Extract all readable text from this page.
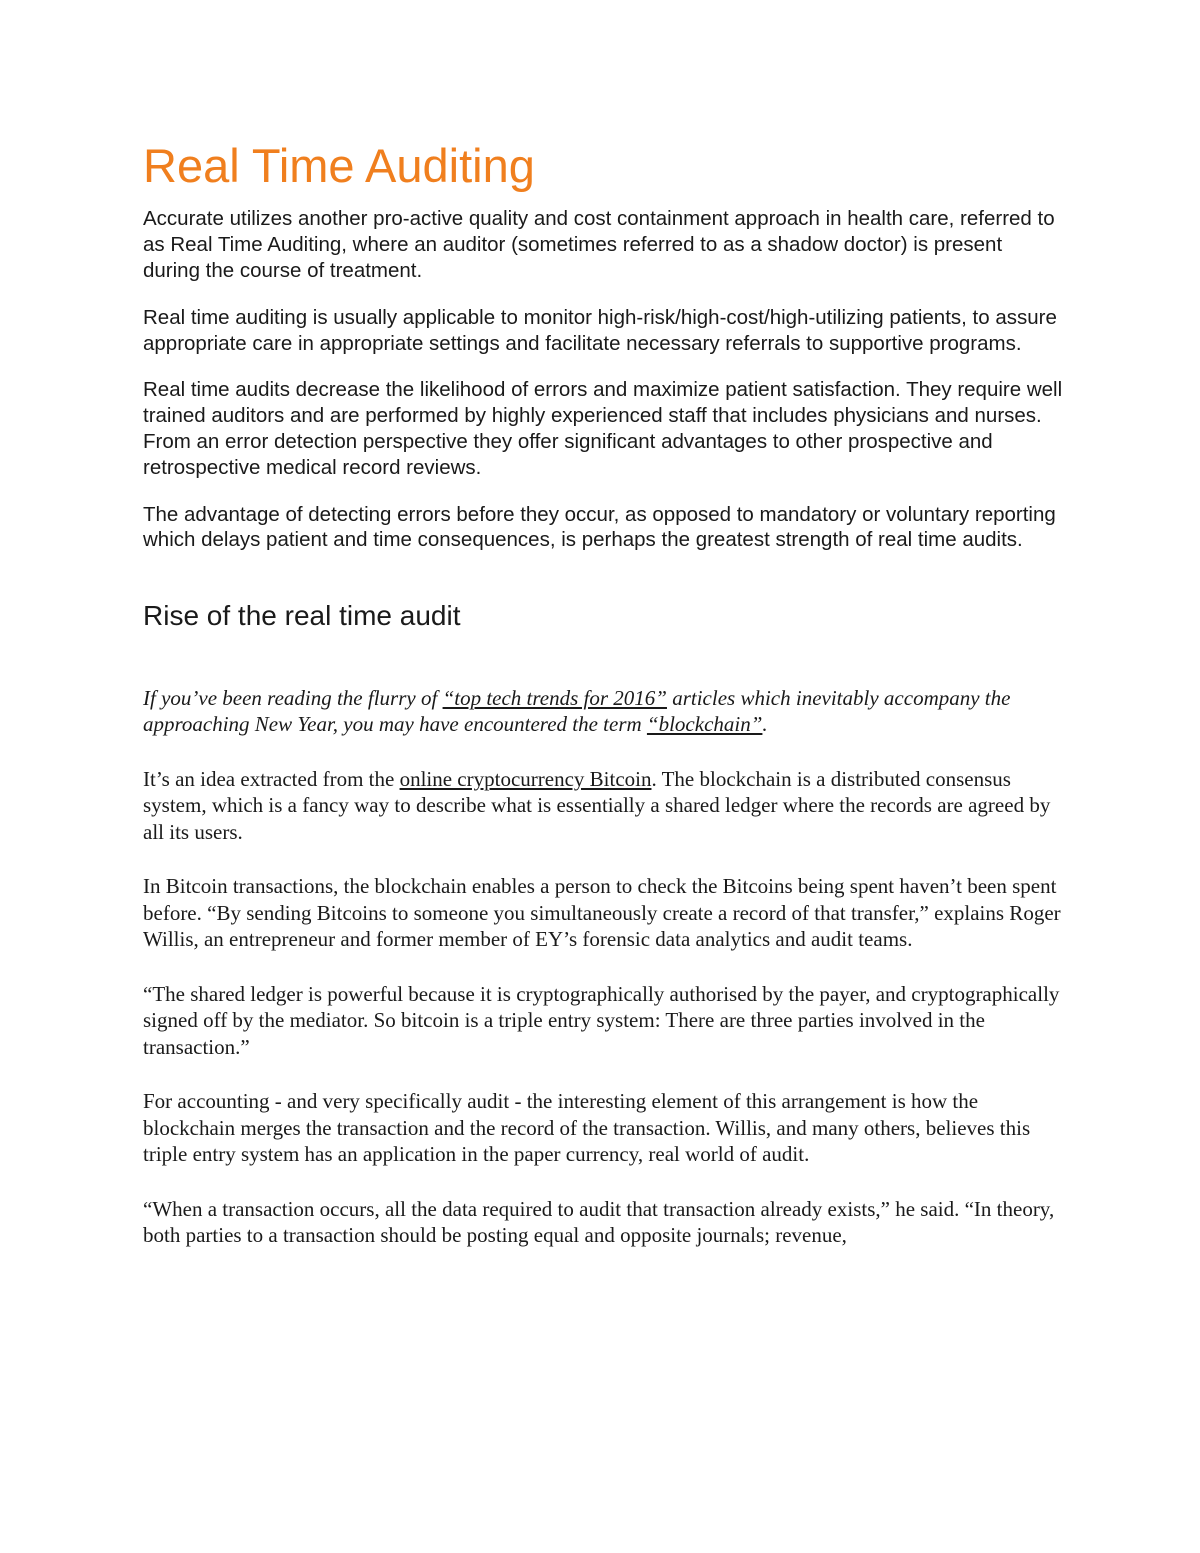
Real Time Auditing

Accurate utilizes another pro-active quality and cost containment approach in health care, referred to as Real Time Auditing, where an auditor (sometimes referred to as a shadow doctor) is present during the course of treatment.

Real time auditing is usually applicable to monitor high-risk/high-cost/high-utilizing patients, to assure appropriate care in appropriate settings and facilitate necessary referrals to supportive programs.

Real time audits decrease the likelihood of errors and maximize patient satisfaction. They require well trained auditors and are performed by highly experienced staff that includes physicians and nurses. From an error detection perspective they offer significant advantages to other prospective and retrospective medical record reviews.

The advantage of detecting errors before they occur, as opposed to mandatory or voluntary reporting which delays patient and time consequences, is perhaps the greatest strength of real time audits.

Rise of the real time audit

If you’ve been reading the flurry of “top tech trends for 2016” articles which inevitably accompany the approaching New Year, you may have encountered the term “blockchain”.

It’s an idea extracted from the online cryptocurrency Bitcoin. The blockchain is a distributed consensus system, which is a fancy way to describe what is essentially a shared ledger where the records are agreed by all its users.

In Bitcoin transactions, the blockchain enables a person to check the Bitcoins being spent haven’t been spent before. “By sending Bitcoins to someone you simultaneously create a record of that transfer,” explains Roger Willis, an entrepreneur and former member of EY’s forensic data analytics and audit teams.

“The shared ledger is powerful because it is cryptographically authorised by the payer, and cryptographically signed off by the mediator. So bitcoin is a triple entry system: There are three parties involved in the transaction.”

For accounting - and very specifically audit - the interesting element of this arrangement is how the blockchain merges the transaction and the record of the transaction. Willis, and many others, believes this triple entry system has an application in the paper currency, real world of audit.

“When a transaction occurs, all the data required to audit that transaction already exists,” he said. “In theory, both parties to a transaction should be posting equal and opposite journals; revenue,
